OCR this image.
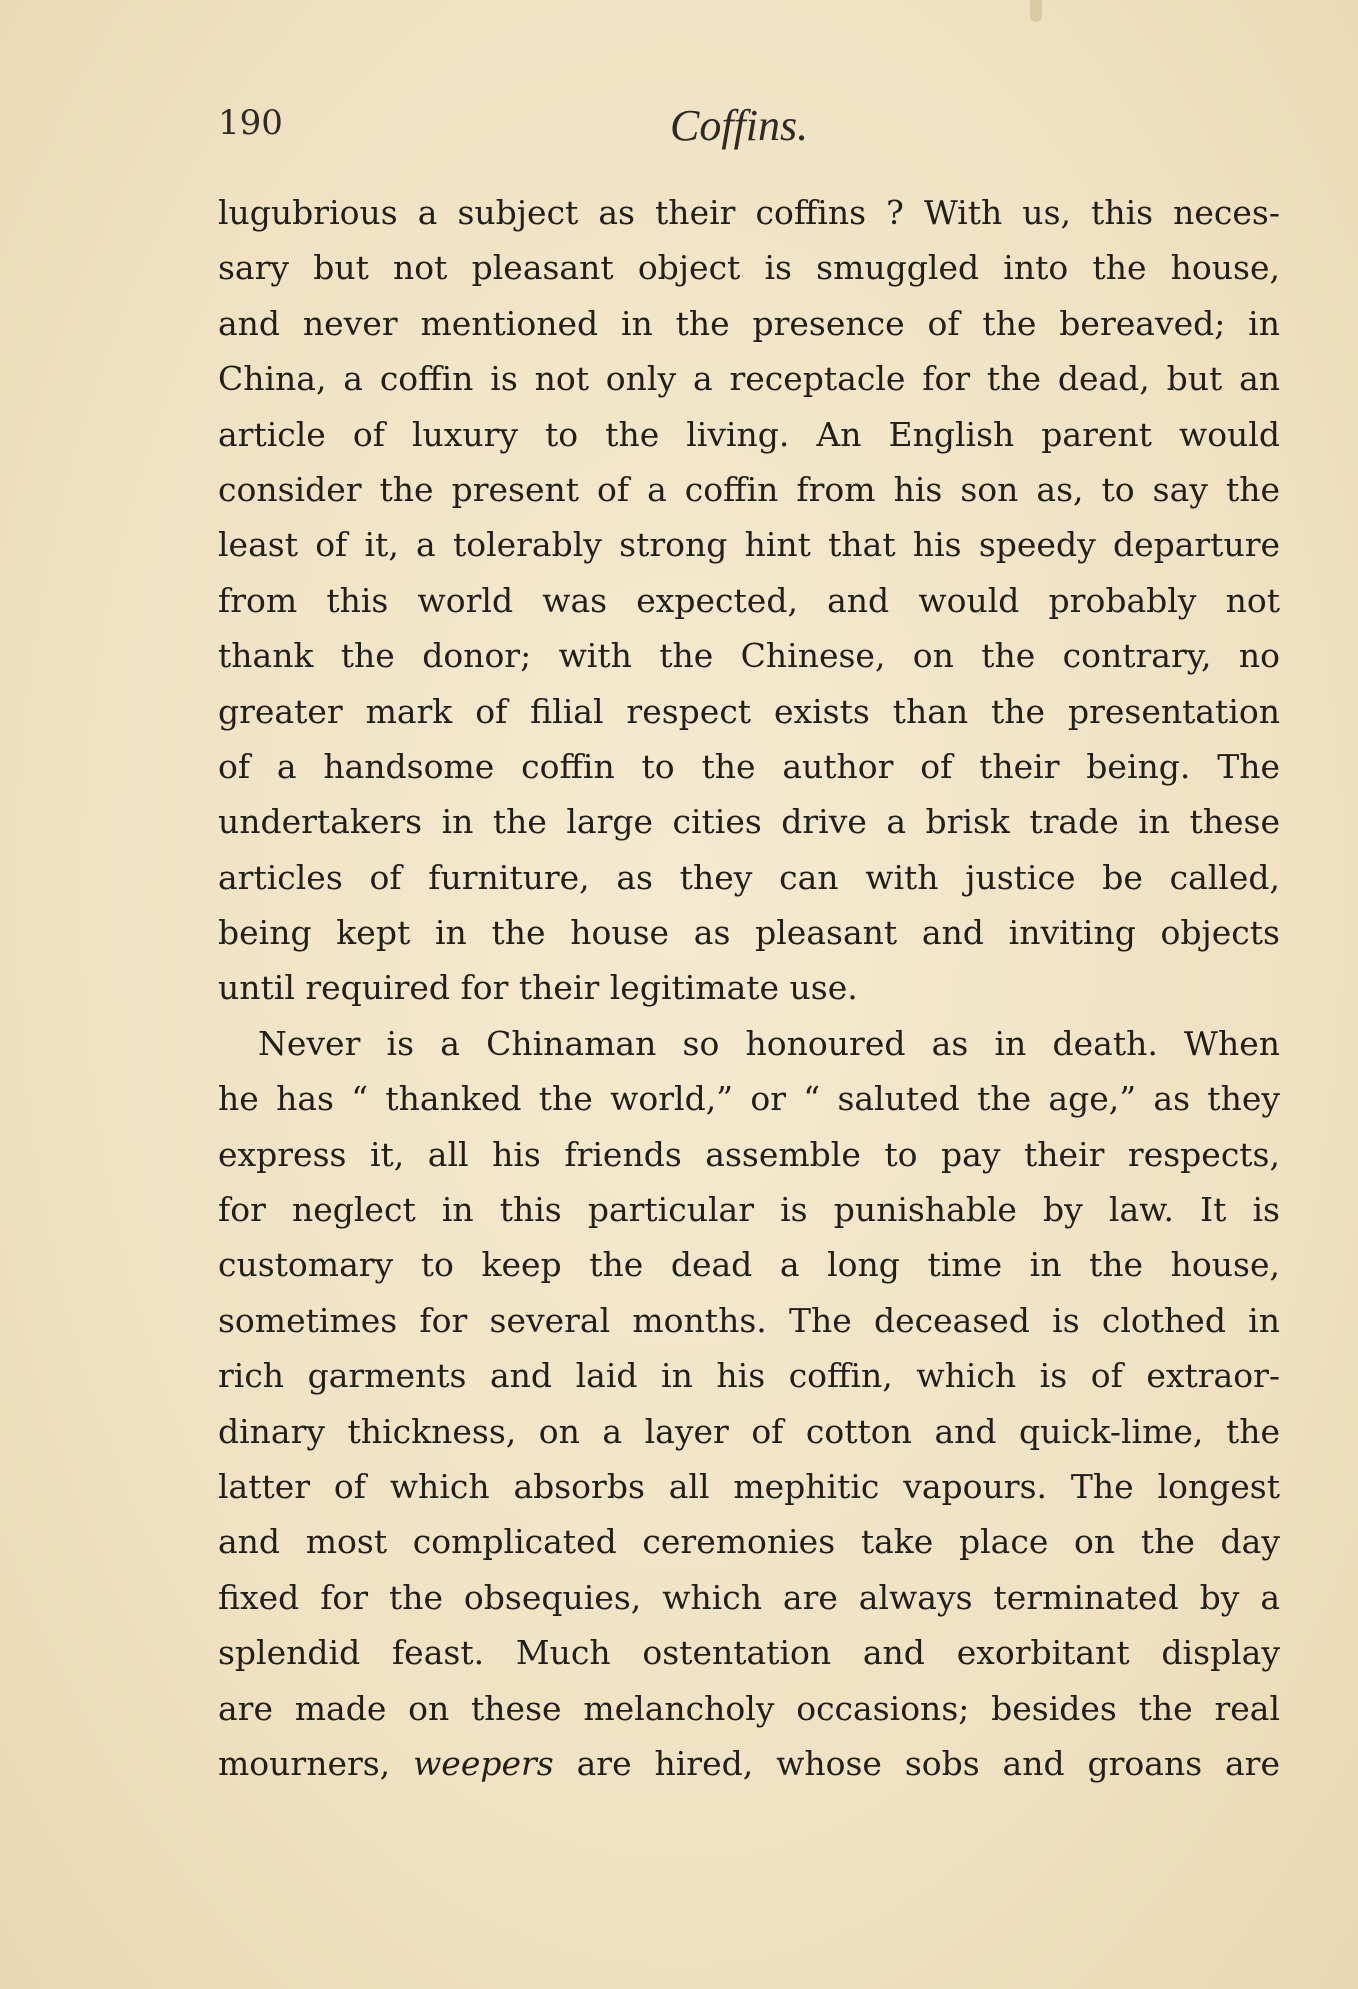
190	Coffins.
lugubrious a subject as their coffins ? With us, this neces-
sary but not pleasant object is smuggled into the house,
and never mentioned in the presence of the bereaved; in
China, a coffin is not only a receptacle for the dead, but an
article of luxury to the living. An English parent would
consider the present of a coffin from his son as, to say the
least of it, a tolerably strong hint that his speedy departure
from this world was expected, and would probably not
thank the donor; with the Chinese, on the contrary, no
greater mark of filial respect exists than the presentation
of a handsome coffin to the author of their being. The
undertakers in the large cities drive a brisk trade in these
articles of furniture, as they can with justice be called,
being kept in the house as pleasant and inviting objects
until required for their legitimate use.
Never is a Chinaman so honoured as in death. When
he has “ thanked the world,” or “ saluted the age,” as they
express it, all his friends assemble to pay their respects,
for neglect in this particular is punishable by law. It is
customary to keep the dead a long time in the house,
sometimes for several months. The deceased is clothed in
rich garments and laid in his coffin, which is of extraor-
dinary thickness, on a layer of cotton and quick-lime, the
latter of which absorbs all mephitic vapours. The longest
and most complicated ceremonies take place on the day
fixed for the obsequies, which are always terminated by a
splendid feast. Much ostentation and exorbitant display
are made on these melancholy occasions; besides the real
mourners, weepers are hired, whose sobs and groans are
